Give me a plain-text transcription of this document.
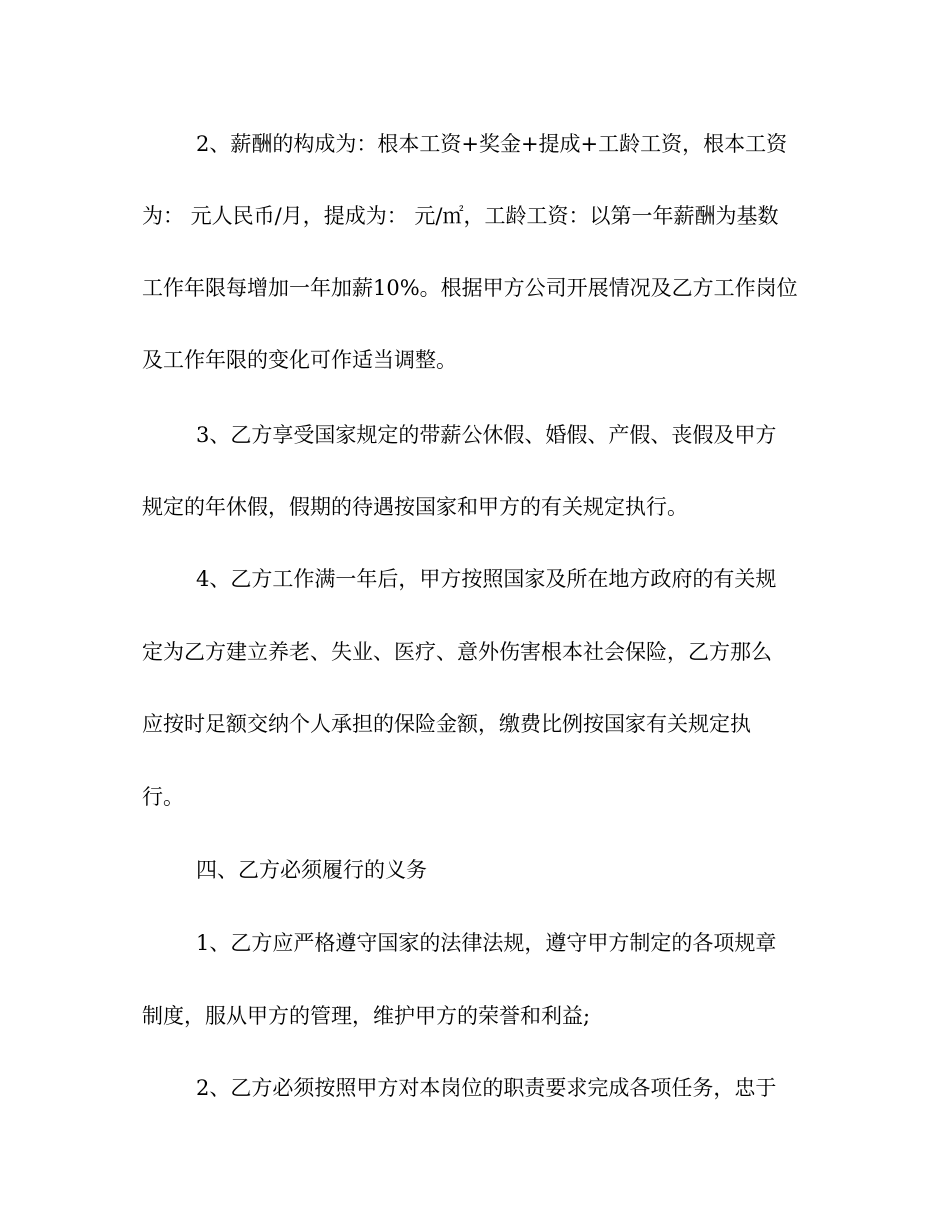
2、薪酬的构成为：根本工资+奖金+提成+工龄工资，根本工资

为： 元人民币/月，提成为： 元/㎡，工龄工资：以第一年薪酬为基数

工作年限每增加一年加薪10%。根据甲方公司开展情况及乙方工作岗位

及工作年限的变化可作适当调整。

3、乙方享受国家规定的带薪公休假、婚假、产假、丧假及甲方

规定的年休假，假期的待遇按国家和甲方的有关规定执行。

4、乙方工作满一年后，甲方按照国家及所在地方政府的有关规

定为乙方建立养老、失业、医疗、意外伤害根本社会保险，乙方那么

应按时足额交纳个人承担的保险金额，缴费比例按国家有关规定执

行。

四、乙方必须履行的义务

1、乙方应严格遵守国家的法律法规，遵守甲方制定的各项规章

制度，服从甲方的管理，维护甲方的荣誉和利益;

2、乙方必须按照甲方对本岗位的职责要求完成各项任务，忠于
